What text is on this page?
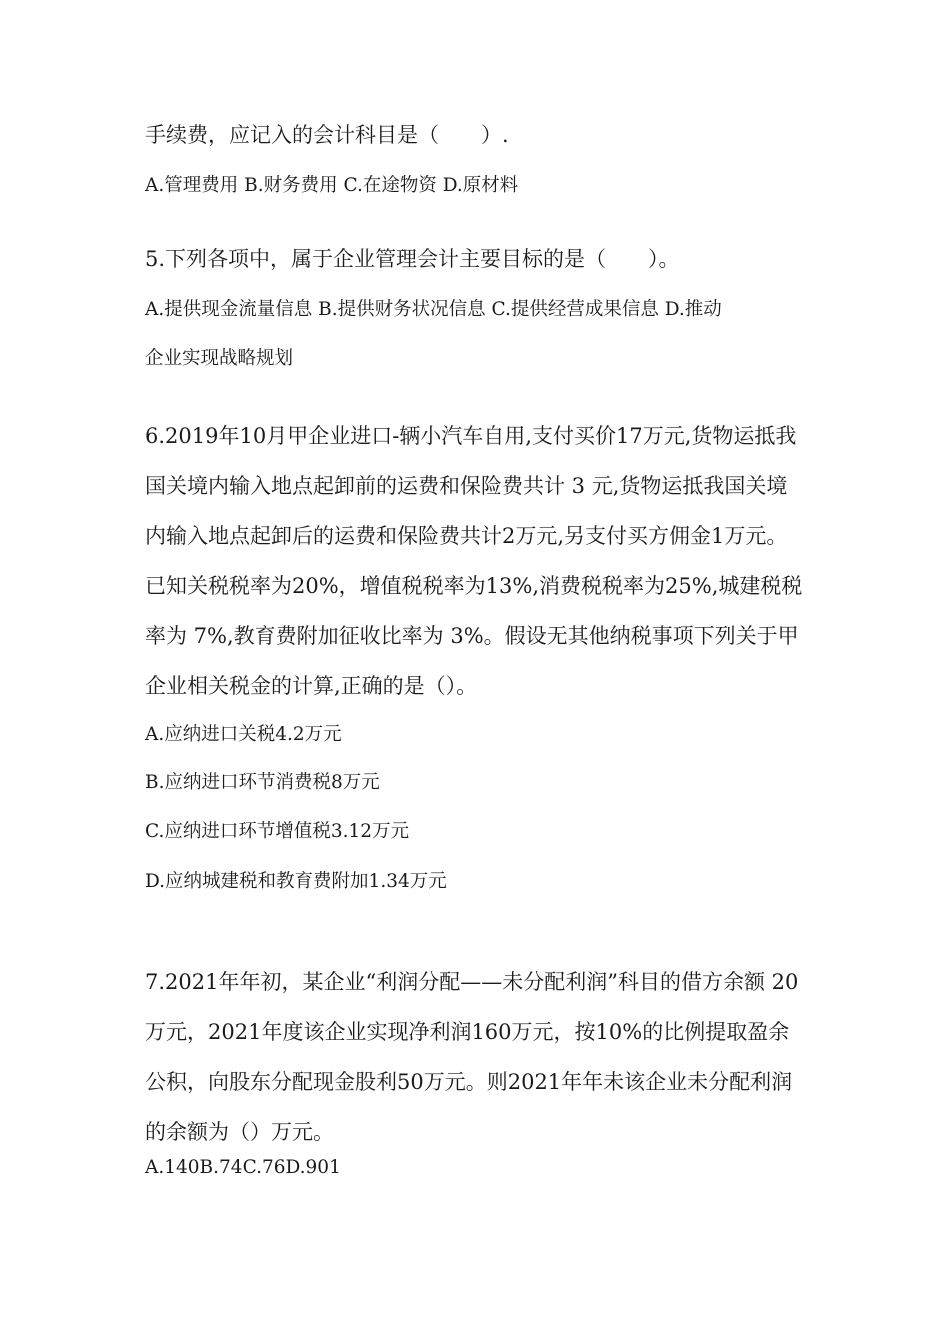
手续费，应记入的会计科目是（　　）.

A.管理费用 B.财务费用 C.在途物资 D.原材料

5.下列各项中，属于企业管理会计主要目标的是（　　）。

A.提供现金流量信息 B.提供财务状况信息 C.提供经营成果信息 D.推动

企业实现战略规划

6.2019年10月甲企业进口-辆小汽车自用,支付买价17万元,货物运抵我

国关境内输入地点起卸前的运费和保险费共计 3 元,货物运抵我国关境

内输入地点起卸后的运费和保险费共计2万元,另支付买方佣金1万元。

已知关税税率为20%，增值税税率为13%,消费税税率为25%,城建税税

率为 7%,教育费附加征收比率为 3%。假设无其他纳税事项下列关于甲

企业相关税金的计算,正确的是（）。

A.应纳进口关税4.2万元

B.应纳进口环节消费税8万元

C.应纳进口环节增值税3.12万元

D.应纳城建税和教育费附加1.34万元

7.2021年年初，某企业“利润分配——未分配利润”科目的借方余额 20

万元，2021年度该企业实现净利润160万元，按10%的比例提取盈余

公积，向股东分配现金股利50万元。则2021年年未该企业未分配利润

的余额为（）万元。

A.140B.74C.76D.901
